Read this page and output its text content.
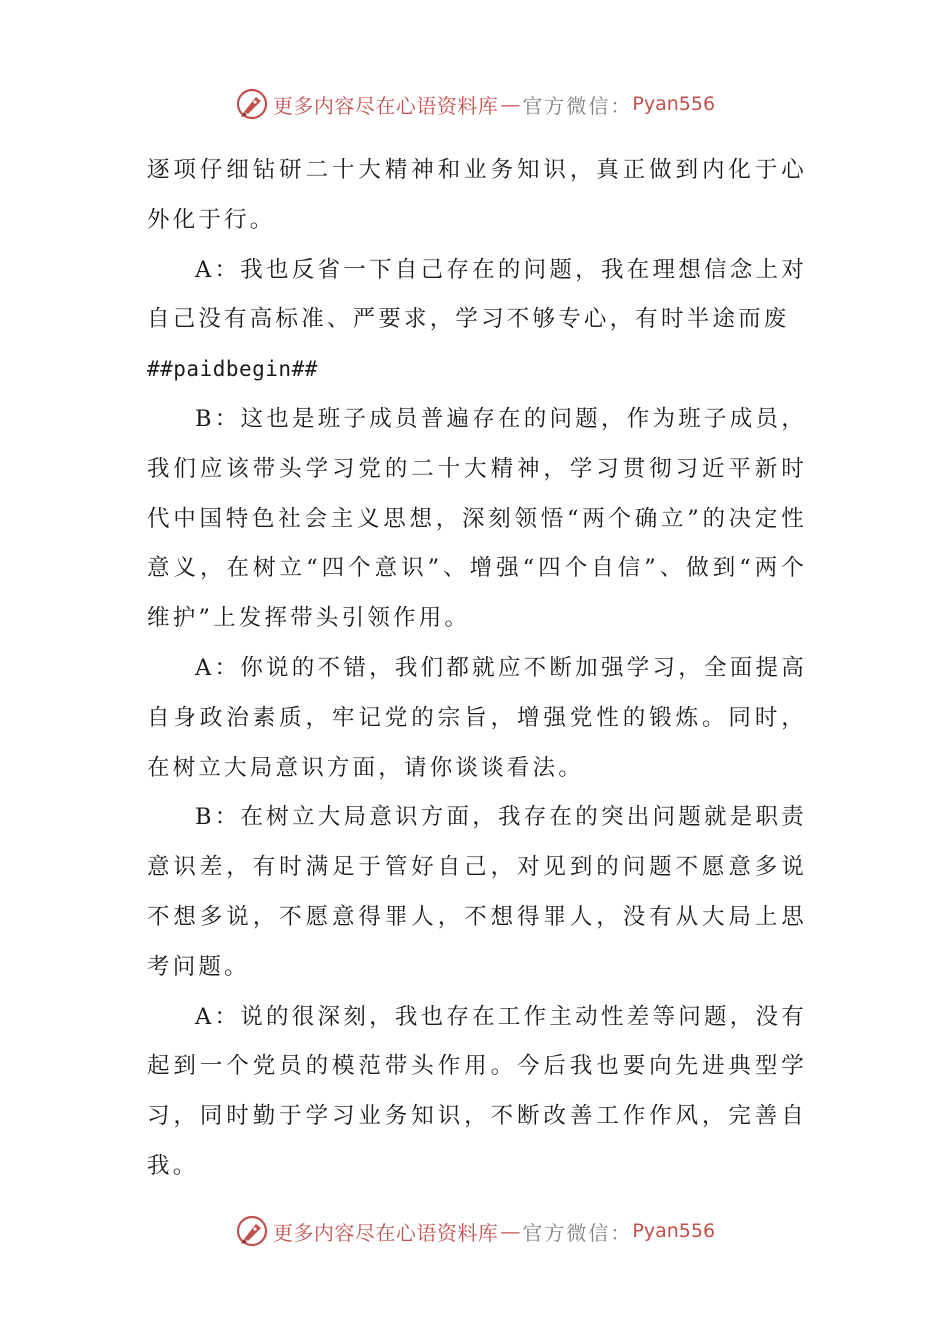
更多内容尽在心语资料库 — 官方微信： Pyan556

逐项仔细钻研二十大精神和业务知识，真正做到内化于心外化于行。

A：我也反省一下自己存在的问题，我在理想信念上对自己没有高标准、严要求，学习不够专心，有时半途而废

##paidbegin##

B：这也是班子成员普遍存在的问题，作为班子成员，我们应该带头学习党的二十大精神，学习贯彻习近平新时代中国特色社会主义思想，深刻领悟“两个确立”的决定性意义，在树立“四个意识”、增强“四个自信”、做到“两个维护”上发挥带头引领作用。

A：你说的不错，我们都就应不断加强学习，全面提高自身政治素质，牢记党的宗旨，增强党性的锻炼。同时，在树立大局意识方面，请你谈谈看法。

B：在树立大局意识方面，我存在的突出问题就是职责意识差，有时满足于管好自己，对见到的问题不愿意多说不想多说，不愿意得罪人，不想得罪人，没有从大局上思考问题。

A：说的很深刻，我也存在工作主动性差等问题，没有起到一个党员的模范带头作用。今后我也要向先进典型学习，同时勤于学习业务知识，不断改善工作作风，完善自我。

更多内容尽在心语资料库 — 官方微信： Pyan556
